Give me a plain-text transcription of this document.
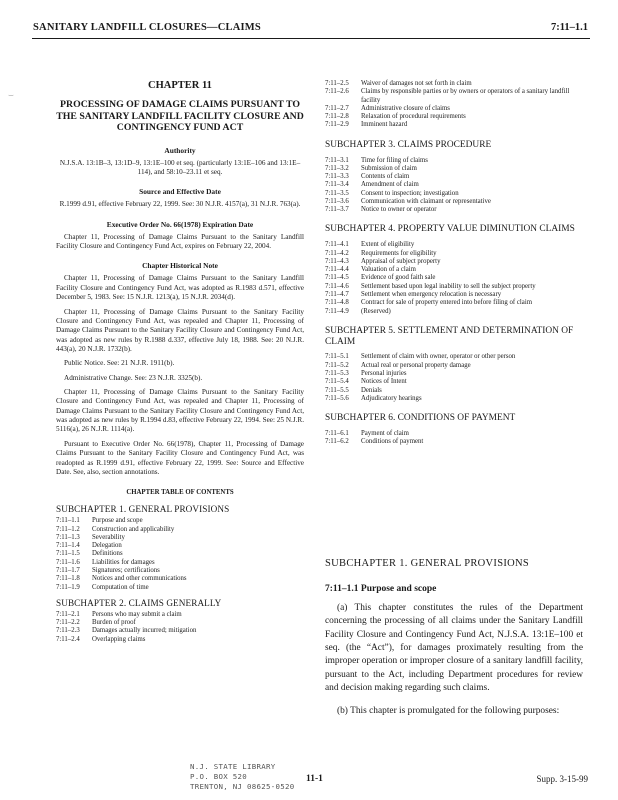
SANITARY LANDFILL CLOSURES—CLAIMS	7:11–1.1
⌣
CHAPTER 11
PROCESSING OF DAMAGE CLAIMS PURSUANT TO THE SANITARY LANDFILL FACILITY CLOSURE AND CONTINGENCY FUND ACT
Authority
N.J.S.A. 13:1B–3, 13:1D–9, 13:1E–100 et seq. (particularly 13:1E–106 and 13:1E–114), and 58:10–23.11 et seq.
Source and Effective Date
R.1999 d.91, effective February 22, 1999. See: 30 N.J.R. 4157(a), 31 N.J.R. 763(a).
Executive Order No. 66(1978) Expiration Date
Chapter 11, Processing of Damage Claims Pursuant to the Sanitary Landfill Facility Closure and Contingency Fund Act, expires on February 22, 2004.
Chapter Historical Note
Chapter 11, Processing of Damage Claims Pursuant to the Sanitary Landfill Facility Closure and Contingency Fund Act, was adopted as R.1983 d.571, effective December 5, 1983. See: 15 N.J.R. 1213(a), 15 N.J.R. 2034(d).
Chapter 11, Processing of Damage Claims Pursuant to the Sanitary Facility Closure and Contingency Fund Act, was repealed and Chapter 11, Processing of Damage Claims Pursuant to the Sanitary Facility Closure and Contingency Fund Act, was adopted as new rules by R.1988 d.337, effective July 18, 1988. See: 20 N.J.R. 443(a), 20 N.J.R. 1732(b).
Public Notice. See: 21 N.J.R. 1911(b).
Administrative Change. See: 23 N.J.R. 3325(b).
Chapter 11, Processing of Damage Claims Pursuant to the Sanitary Facility Closure and Contingency Fund Act, was repealed and Chapter 11, Processing of Damage Claims Pursuant to the Sanitary Facility Closure and Contingency Fund Act, was adopted as new rules by R.1994 d.83, effective February 22, 1994. See: 25 N.J.R. 5116(a), 26 N.J.R. 1114(a).
Pursuant to Executive Order No. 66(1978), Chapter 11, Processing of Damage Claims Pursuant to the Sanitary Facility Closure and Contingency Fund Act, was readopted as R.1999 d.91, effective February 22, 1999. See: Source and Effective Date. See, also, section annotations.
CHAPTER TABLE OF CONTENTS
SUBCHAPTER 1. GENERAL PROVISIONS
7:11–1.1	Purpose and scope
7:11–1.2	Construction and applicability
7:11–1.3	Severability
7:11–1.4	Delegation
7:11–1.5	Definitions
7:11–1.6	Liabilities for damages
7:11–1.7	Signatures; certifications
7:11–1.8	Notices and other communications
7:11–1.9	Computation of time
SUBCHAPTER 2. CLAIMS GENERALLY
7:11–2.1	Persons who may submit a claim
7:11–2.2	Burden of proof
7:11–2.3	Damages actually incurred; mitigation
7:11–2.4	Overlapping claims
7:11–2.5	Waiver of damages not set forth in claim
7:11–2.6	Claims by responsible parties or by owners or operators of a sanitary landfill facility
7:11–2.7	Administrative closure of claims
7:11–2.8	Relaxation of procedural requirements
7:11–2.9	Imminent hazard
SUBCHAPTER 3. CLAIMS PROCEDURE
7:11–3.1	Time for filing of claims
7:11–3.2	Submission of claim
7:11–3.3	Contents of claim
7:11–3.4	Amendment of claim
7:11–3.5	Consent to inspection; investigation
7:11–3.6	Communication with claimant or representative
7:11–3.7	Notice to owner or operator
SUBCHAPTER 4. PROPERTY VALUE DIMINUTION CLAIMS
7:11–4.1	Extent of eligibility
7:11–4.2	Requirements for eligibility
7:11–4.3	Appraisal of subject property
7:11–4.4	Valuation of a claim
7:11–4.5	Evidence of good faith sale
7:11–4.6	Settlement based upon legal inability to sell the subject property
7:11–4.7	Settlement when emergency relocation is necessary
7:11–4.8	Contract for sale of property entered into before filing of claim
7:11–4.9	(Reserved)
SUBCHAPTER 5. SETTLEMENT AND DETERMINATION OF CLAIM
7:11–5.1	Settlement of claim with owner, operator or other person
7:11–5.2	Actual real or personal property damage
7:11–5.3	Personal injuries
7:11–5.4	Notices of Intent
7:11–5.5	Denials
7:11–5.6	Adjudicatory hearings
SUBCHAPTER 6. CONDITIONS OF PAYMENT
7:11–6.1	Payment of claim
7:11–6.2	Conditions of payment
SUBCHAPTER 1. GENERAL PROVISIONS
7:11–1.1 Purpose and scope
(a) This chapter constitutes the rules of the Department concerning the processing of all claims under the Sanitary Landfill Facility Closure and Contingency Fund Act, N.J.S.A. 13:1E–100 et seq. (the “Act”), for damages proximately resulting from the improper operation or improper closure of a sanitary landfill facility, pursuant to the Act, including Department procedures for review and decision making regarding such claims.
(b) This chapter is promulgated for the following purposes:
N.J. STATE LIBRARY
P.O. BOX 520
TRENTON, NJ 08625-0520
11-1	Supp. 3-15-99
